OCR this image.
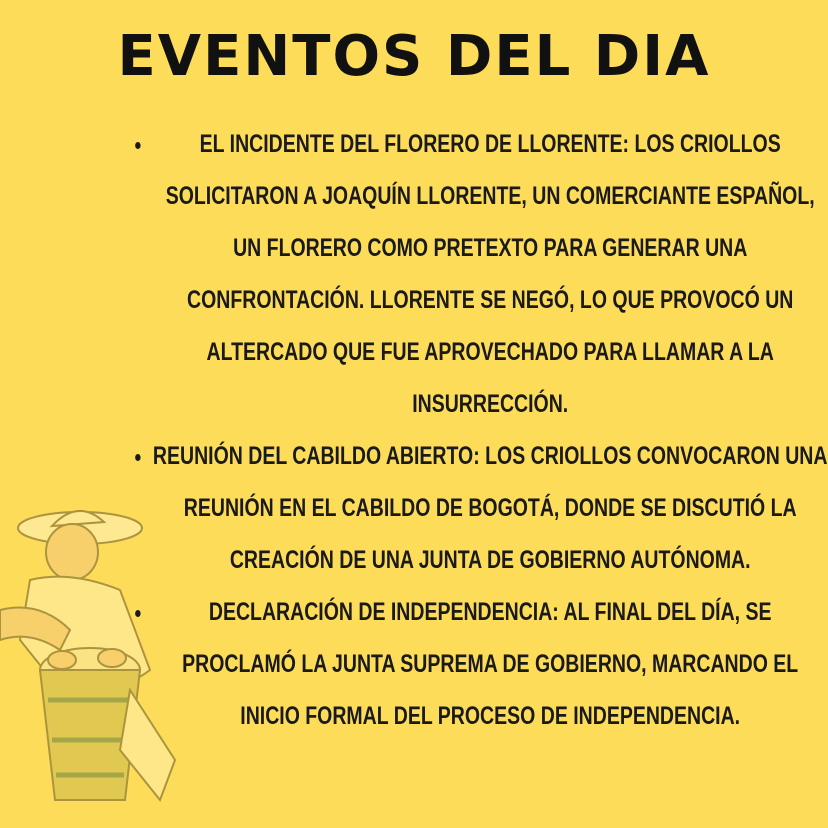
EVENTOS DEL DIA
• EL INCIDENTE DEL FLORERO DE LLORENTE: LOS CRIOLLOS SOLICITARON A JOAQUÍN LLORENTE, UN COMERCIANTE ESPAÑOL, UN FLORERO COMO PRETEXTO PARA GENERAR UNA CONFRONTACIÓN. LLORENTE SE NEGÓ, LO QUE PROVOCÓ UN ALTERCADO QUE FUE APROVECHADO PARA LLAMAR A LA INSURRECCIÓN.
• REUNIÓN DEL CABILDO ABIERTO: LOS CRIOLLOS CONVOCARON UNA REUNIÓN EN EL CABILDO DE BOGOTÁ, DONDE SE DISCUTIÓ LA CREACIÓN DE UNA JUNTA DE GOBIERNO AUTÓNOMA.
• DECLARACIÓN DE INDEPENDENCIA: AL FINAL DEL DÍA, SE PROCLAMÓ LA JUNTA SUPREMA DE GOBIERNO, MARCANDO EL INICIO FORMAL DEL PROCESO DE INDEPENDENCIA.
